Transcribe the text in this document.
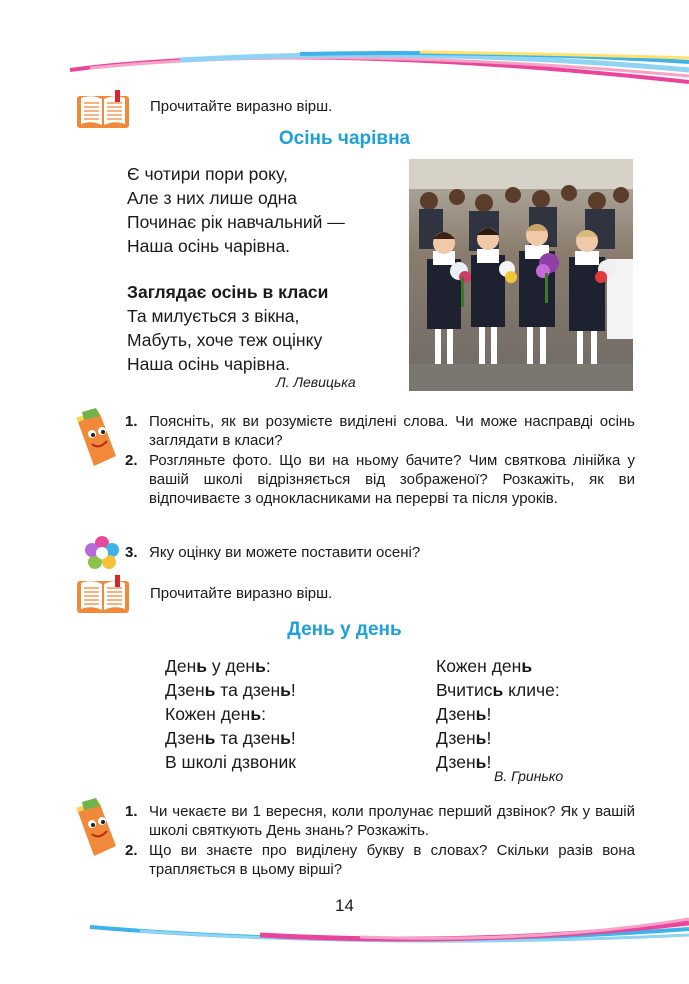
Прочитайте виразно вірш.
Осінь чарівна
Є чотири пори року,
Але з них лише одна
Починає рік навчальний —
Наша осінь чарівна.
Заглядає осінь в класи
Та милується з вікна,
Мабуть, хоче теж оцінку
Наша осінь чарівна.
Л. Левицька
1. Поясніть, як ви розумієте виділені слова. Чи може насправді осінь заглядати в класи?
2. Розгляньте фото. Що ви на ньому бачите? Чим святкова лінійка у вашій школі відрізняється від зображеної? Розкажіть, як ви відпочиваєте з однокласниками на перерві та після уроків.
3. Яку оцінку ви можете поставити осені?
Прочитайте виразно вірш.
День у день
День у день:
Дзень та дзень!
Кожен день:
Дзень та дзень!
В школі дзвоник
Кожен день
Вчитись кличе:
Дзень!
Дзень!
Дзень!
В. Гринько
1. Чи чекаєте ви 1 вересня, коли пролунає перший дзвінок? Як у вашій школі святкують День знань? Розкажіть.
2. Що ви знаєте про виділену букву в словах? Скільки разів вона трапляється в цьому вірші?
14
